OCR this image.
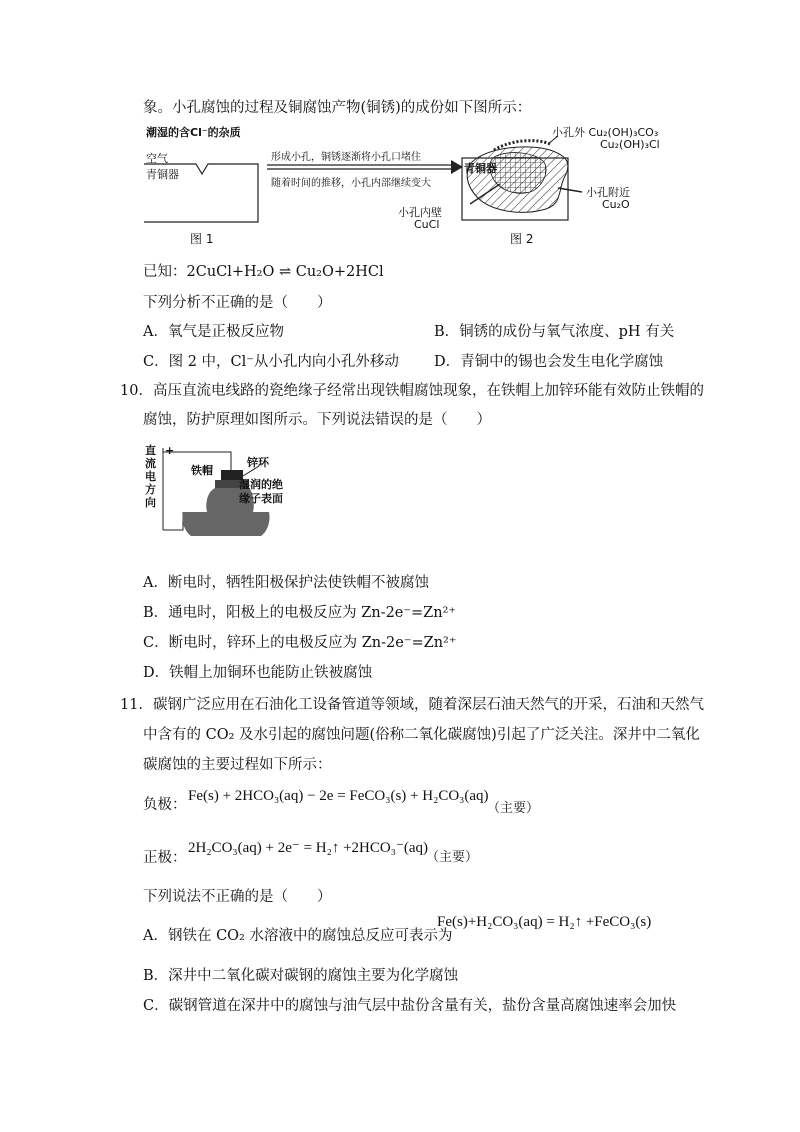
象。小孔腐蚀的过程及铜腐蚀产物(铜锈)的成份如下图所示：
潮湿的含Cl⁻的杂质
空气
青铜器
图 1
形成小孔，铜锈逐渐将小孔口堵住
随着时间的推移，小孔内部继续变大
青铜器
小孔外 Cu₂(OH)₃CO₃
Cu₂(OH)₃Cl
小孔附近
Cu₂O
小孔内壁
CuCl
图 2
已知：2CuCl+H₂O ⇌ Cu₂O+2HCl
下列分析不正确的是（　　）
A．氧气是正极反应物	B．铜锈的成份与氧气浓度、pH 有关
C．图 2 中，Cl⁻从小孔内向小孔外移动 D．青铜中的锡也会发生电化学腐蚀
10．高压直流电线路的瓷绝缘子经常出现铁帽腐蚀现象，在铁帽上加锌环能有效防止铁帽的
腐蚀，防护原理如图所示。下列说法错误的是（　　）
+
直
流
电
方
向
铁帽
锌环
湿润的绝
缘子表面
A．断电时，牺牲阳极保护法使铁帽不被腐蚀
B．通电时，阳极上的电极反应为 Zn-2e⁻=Zn²⁺
C．断电时，锌环上的电极反应为 Zn-2e⁻=Zn²⁺
D．铁帽上加铜环也能防止铁被腐蚀
11．碳钢广泛应用在石油化工设备管道等领域，随着深层石油天然气的开采，石油和天然气
中含有的 CO₂ 及水引起的腐蚀问题(俗称二氧化碳腐蚀)引起了广泛关注。深井中二氧化
碳腐蚀的主要过程如下所示：
负极：
Fe(s) + 2HCO₃(aq) − 2e = FeCO₃(s) + H₂CO₃(aq)
（主要）
正极：
2H₂CO₃(aq) + 2e⁻ = H₂↑ +2HCO₃⁻(aq)
（主要）
下列说法不正确的是（　　）
A．钢铁在 CO₂ 水溶液中的腐蚀总反应可表示为
Fe(s)+H₂CO₃(aq) = H₂↑ +FeCO₃(s)
B．深井中二氧化碳对碳钢的腐蚀主要为化学腐蚀
C．碳钢管道在深井中的腐蚀与油气层中盐份含量有关，盐份含量高腐蚀速率会加快
